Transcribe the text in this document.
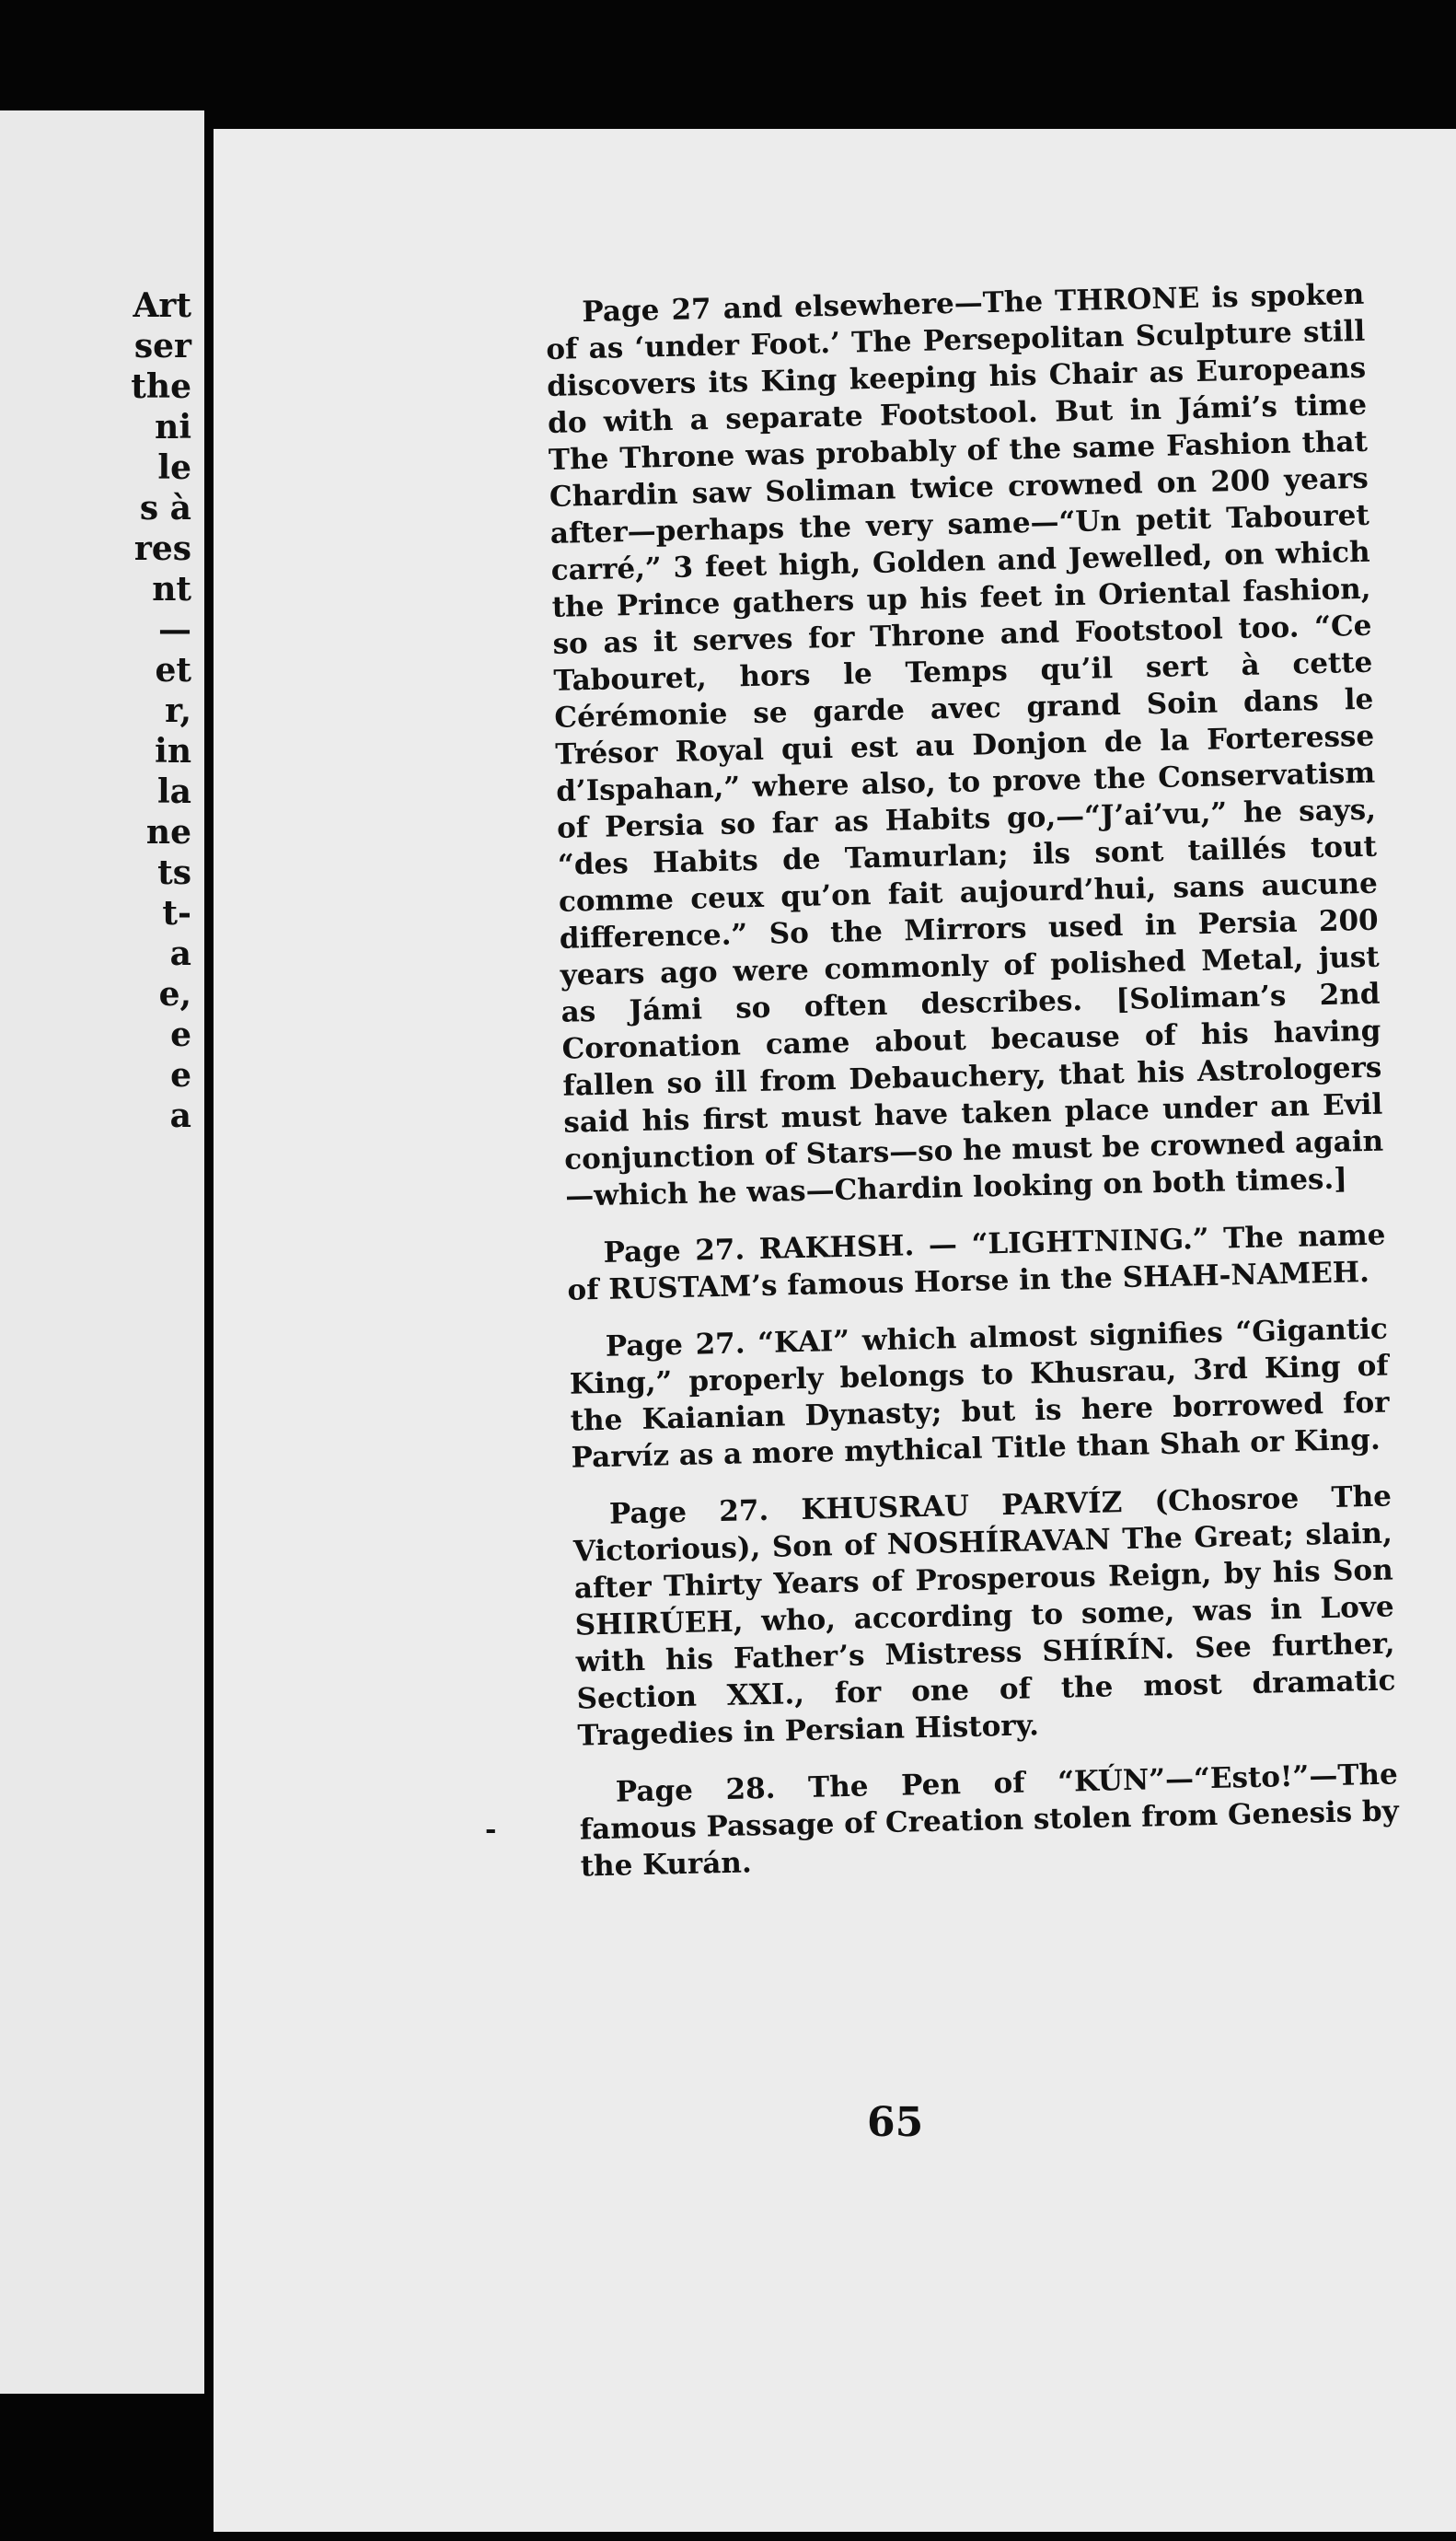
Art
ser
the
ni
le
s à
res
nt
—
et
r,
in
la
ne
ts
t-
a
e,
e
e
a

Page 27 and elsewhere—The THRONE is spoken of as ‘under Foot.’ The Persepolitan Sculpture still discovers its King keeping his Chair as Europeans do with a separate Footstool. But in Jámi’s time The Throne was probably of the same Fashion that Chardin saw Soliman twice crowned on 200 years after—perhaps the very same—“Un petit Tabouret carré,” 3 feet high, Golden and Jewelled, on which the Prince gathers up his feet in Oriental fashion, so as it serves for Throne and Footstool too. “Ce Tabouret, hors le Temps qu’il sert à cette Cérémonie se garde avec grand Soin dans le Trésor Royal qui est au Donjon de la Forteresse d’Ispahan,” where also, to prove the Conservatism of Persia so far as Habits go,—“J’ai’vu,” he says, “des Habits de Tamurlan; ils sont taillés tout comme ceux qu’on fait aujourd’hui, sans aucune difference.” So the Mirrors used in Persia 200 years ago were commonly of polished Metal, just as Jámi so often describes. [Soliman’s 2nd Coronation came about because of his having fallen so ill from Debauchery, that his Astrologers said his first must have taken place under an Evil conjunction of Stars—so he must be crowned again—which he was—Chardin looking on both times.]

Page 27. RAKHSH. — “LIGHTNING.” The name of RUSTAM’s famous Horse in the SHAH-NAMEH.

Page 27. “KAI” which almost signifies “Gigantic King,” properly belongs to Khusrau, 3rd King of the Kaianian Dynasty; but is here borrowed for Parvíz as a more mythical Title than Shah or King.

Page 27. KHUSRAU PARVÍZ (Chosroe The Victorious), Son of NOSHÍRAVAN The Great; slain, after Thirty Years of Prosperous Reign, by his Son SHIRÚEH, who, according to some, was in Love with his Father’s Mistress SHÍRÍN. See further, Section XXI., for one of the most dramatic Tragedies in Persian History.

Page 28. The Pen of “KÚN”—“Esto!”—The famous Passage of Creation stolen from Genesis by the Kurán.

-
65
